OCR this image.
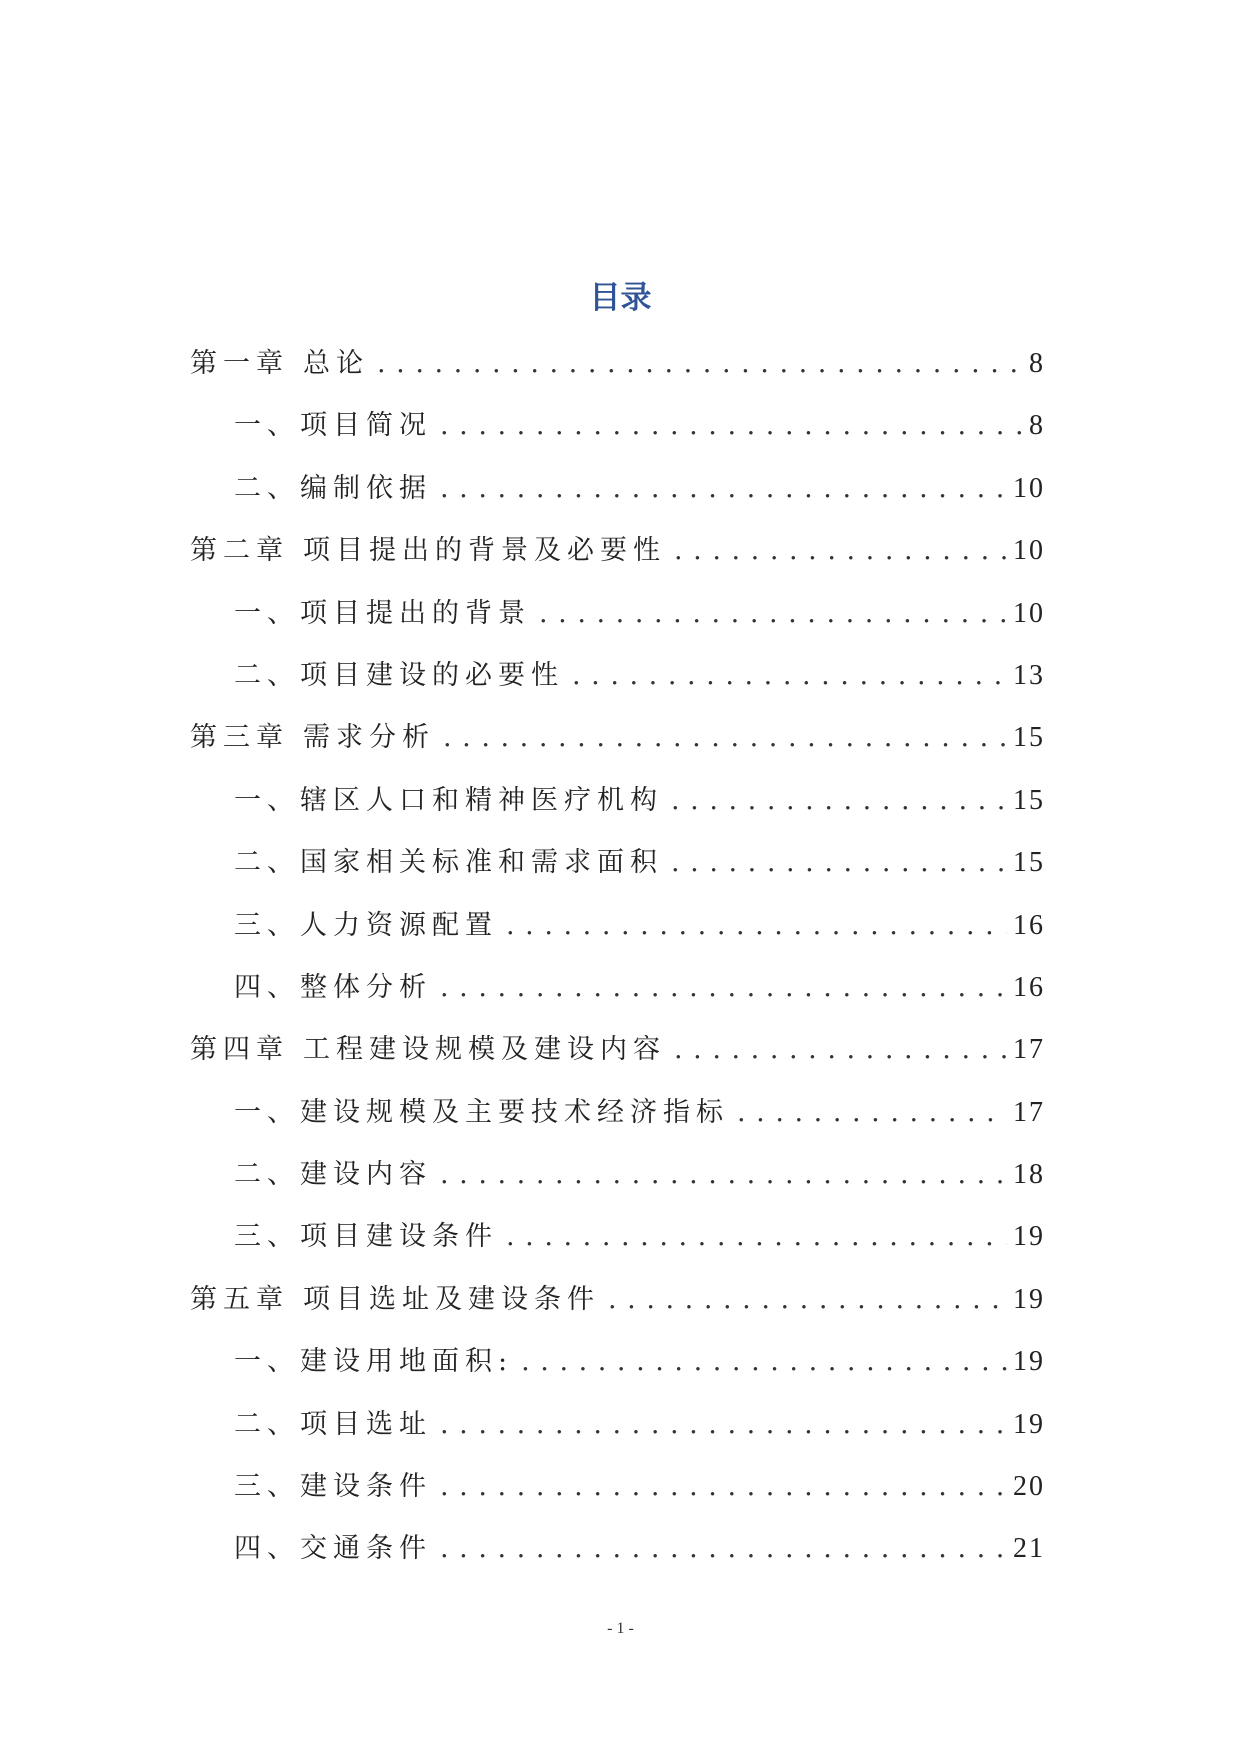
目录
第一章 总论 . . .	8
一、 项目简况 . . .	8
二、 编制依据 . . .	10
第二章 项目提出的背景及必要性 . . .	10
一、 项目提出的背景 . . .	10
二、 项目建设的必要性 . . .	13
第三章 需求分析 . . .	15
一、 辖区人口和精神医疗机构 . . .	15
二、 国家相关标准和需求面积 . . .	15
三、 人力资源配置 . . .	16
四、 整体分析 . . .	16
第四章 工程建设规模及建设内容 . . .	17
一、 建设规模及主要技术经济指标 . . .	17
二、 建设内容 . . .	18
三、 项目建设条件 . . .	19
第五章 项目选址及建设条件 . . .	19
一、 建设用地面积: . . .	19
二、 项目选址 . . .	19
三、 建设条件 . . .	20
四、 交通条件 . . .	21
- 1 -
